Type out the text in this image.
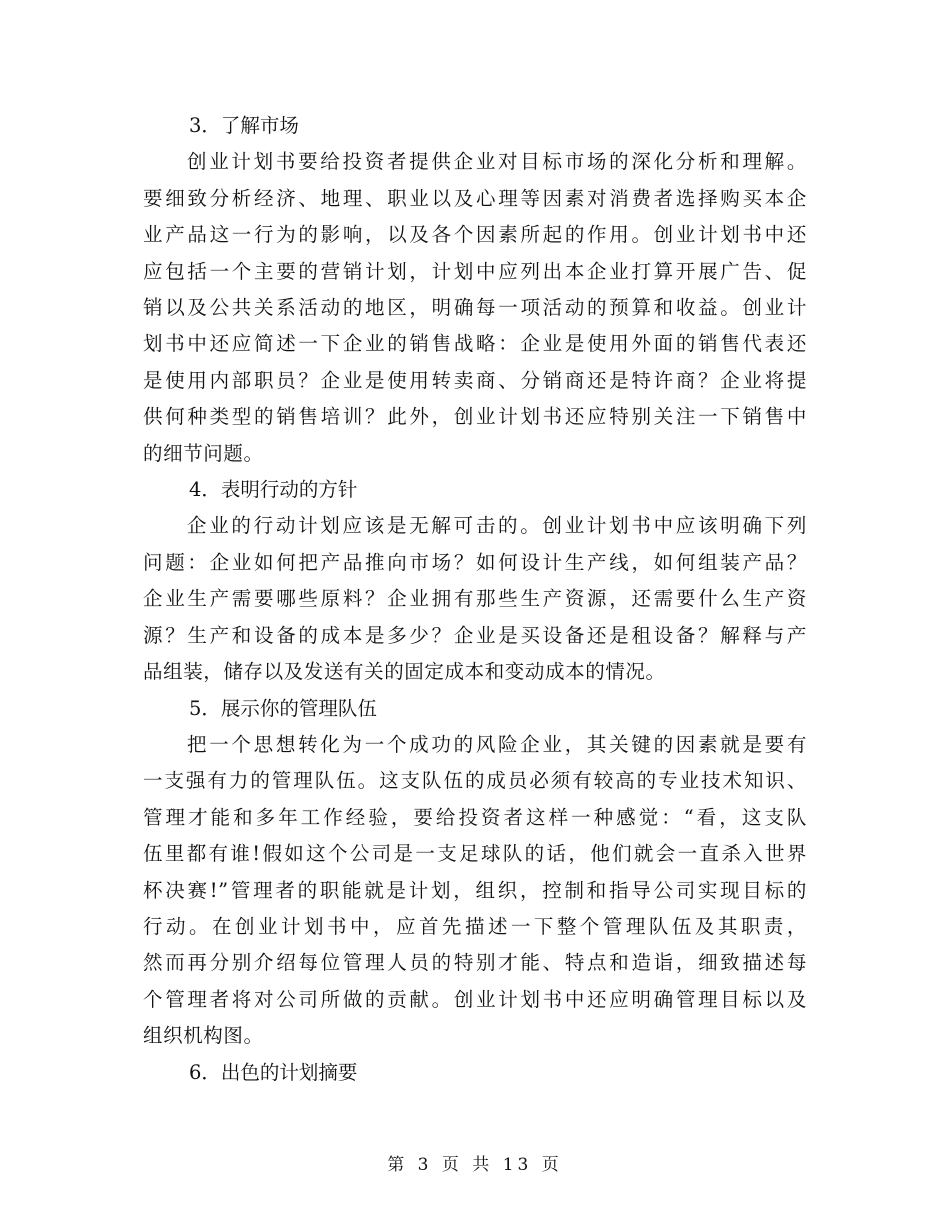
3．了解市场

创业计划书要给投资者提供企业对目标市场的深化分析和理解。
要细致分析经济、地理、职业以及心理等因素对消费者选择购买本企
业产品这一行为的影响，以及各个因素所起的作用。创业计划书中还
应包括一个主要的营销计划，计划中应列出本企业打算开展广告、促
销以及公共关系活动的地区，明确每一项活动的预算和收益。创业计
划书中还应简述一下企业的销售战略：企业是使用外面的销售代表还
是使用内部职员？企业是使用转卖商、分销商还是特许商？企业将提
供何种类型的销售培训？此外，创业计划书还应特别关注一下销售中
的细节问题。

4．表明行动的方针

企业的行动计划应该是无解可击的。创业计划书中应该明确下列
问题：企业如何把产品推向市场？如何设计生产线，如何组装产品？
企业生产需要哪些原料？企业拥有那些生产资源，还需要什么生产资
源？生产和设备的成本是多少？企业是买设备还是租设备？解释与产
品组装，储存以及发送有关的固定成本和变动成本的情况。

5．展示你的管理队伍

把一个思想转化为一个成功的风险企业，其关键的因素就是要有
一支强有力的管理队伍。这支队伍的成员必须有较高的专业技术知识、
管理才能和多年工作经验，要给投资者这样一种感觉：“看，这支队
伍里都有谁!假如这个公司是一支足球队的话，他们就会一直杀入世界
杯决赛!”管理者的职能就是计划，组织，控制和指导公司实现目标的
行动。在创业计划书中，应首先描述一下整个管理队伍及其职责，
然而再分别介绍每位管理人员的特别才能、特点和造诣，细致描述每
个管理者将对公司所做的贡献。创业计划书中还应明确管理目标以及
组织机构图。

6．出色的计划摘要

第 3 页 共 13 页
